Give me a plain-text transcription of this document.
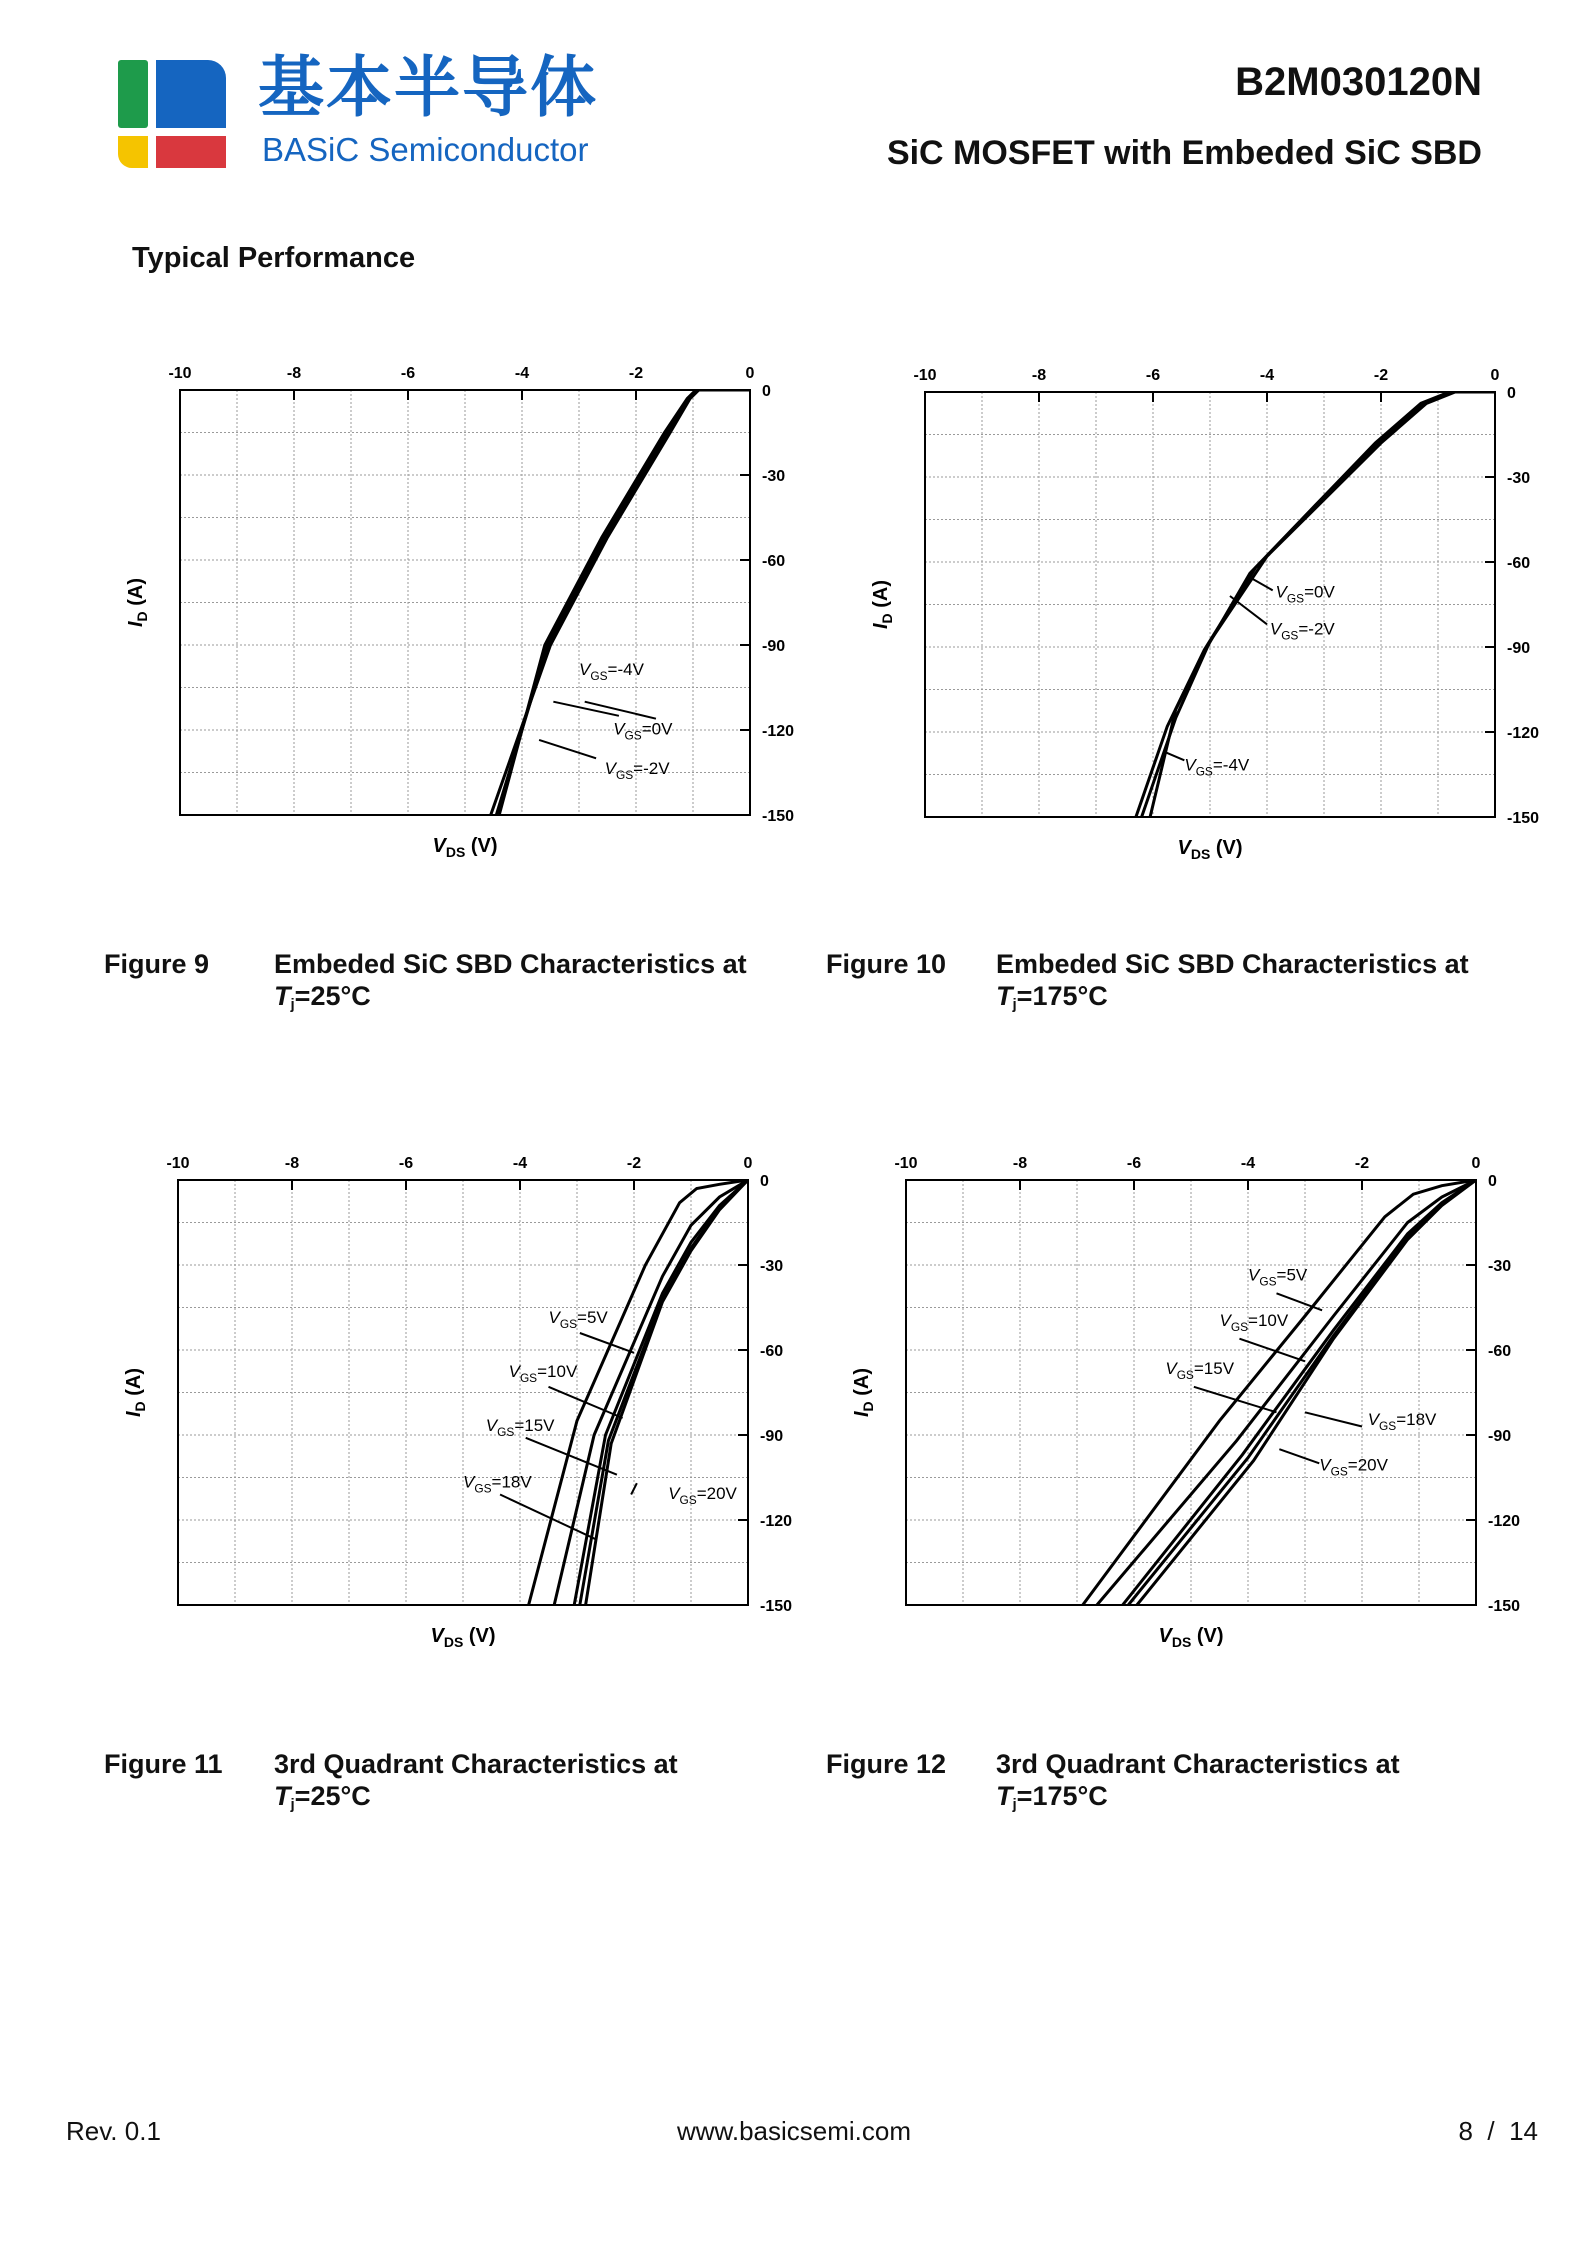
基本半导体
BASiC Semiconductor
B2M030120N
SiC MOSFET with Embeded SiC SBD
Typical Performance
-10	-8	-6	-4	-2	0
0
-30
-60
-90
-120
-150
$V_{DS}$ (V)
$I_D$ (A)
$V_{GS}=-4V$
$V_{GS}=0V$
$V_{GS}=-2V$
-10	-8	-6	-4	-2	0
0
-30
-60
-90
-120
-150
$V_{DS}$ (V)
$I_D$ (A)	$V_{GS}=0V$
$V_{GS}=-2V$
$V_{GS}=-4V$
-10	-8	-6	-4	-2	0
0
-30
-60
-90
-120
-150
$V_{DS}$ (V)
$I_D$ (A)
$V_{GS}=5V$
$V_{GS}=10V$
$V_{GS}=15V$
$V_{GS}=18V$
$V_{GS}=20V$
-10	-8	-6	-4	-2	0
0
-30
-60
-90
-120
-150
$V_{DS}$ (V)
$I_D$ (A)
$V_{GS}=5V$
$V_{GS}=10V$
$V_{GS}=15V$
$V_{GS}=18V$
$V_{GS}=20V$
Figure 9 Embeded SiC SBD Characteristics at
$T_j=25^\circ C$
Figure 10 Embeded SiC SBD Characteristics at
$T_j=175^\circ C$
Figure 11 3rd Quadrant Characteristics at
$T_j=25^\circ C$
Figure 12 3rd Quadrant Characteristics at
$T_j=175^\circ C$
Rev. 0.1	www.basicsemi.com	8  /  14
